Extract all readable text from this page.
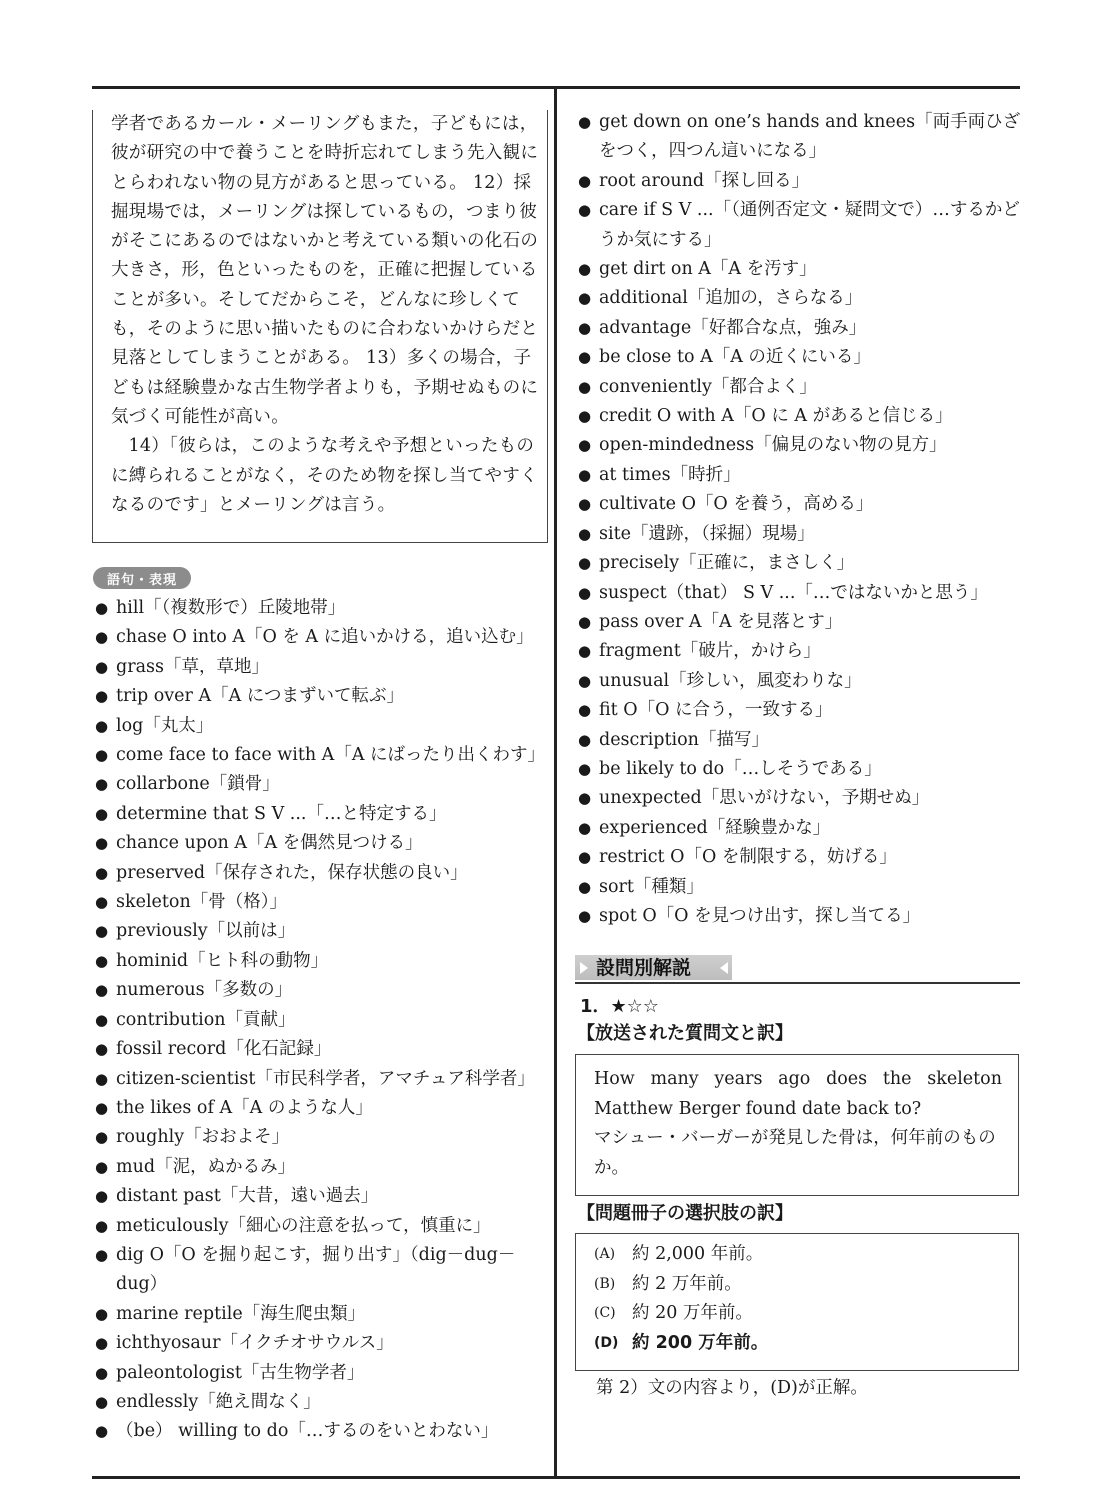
学者であるカール・メーリングもまた，子どもには，彼が研究の中で養うことを時折忘れてしまう先入観にとらわれない物の見方があると思っている。 12）採掘現場では，メーリングは探しているもの，つまり彼がそこにあるのではないかと考えている類いの化石の大きさ，形，色といったものを，正確に把握していることが多い。そしてだからこそ，どんなに珍しくても，そのように思い描いたものに合わないかけらだと見落としてしまうことがある。 13）多くの場合，子どもは経験豊かな古生物学者よりも，予期せぬものに気づく可能性が高い。

14）「彼らは，このような考えや予想といったものに縛られることがなく，そのため物を探し当てやすくなるのです」とメーリングは言う。

語句・表現
● hill「（複数形で）丘陵地帯」
● chase O into A「O を A に追いかける，追い込む」
● grass「草，草地」
● trip over A「A につまずいて転ぶ」
● log「丸太」
● come face to face with A「A にばったり出くわす」
● collarbone「鎖骨」
● determine that S V ...「…と特定する」
● chance upon A「A を偶然見つける」
● preserved「保存された，保存状態の良い」
● skeleton「骨（格）」
● previously「以前は」
● hominid「ヒト科の動物」
● numerous「多数の」
● contribution「貢献」
● fossil record「化石記録」
● citizen-scientist「市民科学者，アマチュア科学者」
● the likes of A「A のような人」
● roughly「おおよそ」
● mud「泥，ぬかるみ」
● distant past「大昔，遠い過去」
● meticulously「細心の注意を払って，慎重に」
● dig O「O を掘り起こす，掘り出す」（dig－dug－dug）
● marine reptile「海生爬虫類」
● ichthyosaur「イクチオサウルス」
● paleontologist「古生物学者」
● endlessly「絶え間なく」
● （be） willing to do「…するのをいとわない」
● get down on one’s hands and knees「両手両ひざをつく，四つん這いになる」
● root around「探し回る」
● care if S V ...「（通例否定文・疑問文で）…するかどうか気にする」
● get dirt on A「A を汚す」
● additional「追加の，さらなる」
● advantage「好都合な点，強み」
● be close to A「A の近くにいる」
● conveniently「都合よく」
● credit O with A「O に A があると信じる」
● open-mindedness「偏見のない物の見方」
● at times「時折」
● cultivate O「O を養う，高める」
● site「遺跡，（採掘）現場」
● precisely「正確に，まさしく」
● suspect（that） S V ...「…ではないかと思う」
● pass over A「A を見落とす」
● fragment「破片，かけら」
● unusual「珍しい，風変わりな」
● fit O「O に合う，一致する」
● description「描写」
● be likely to do「…しそうである」
● unexpected「思いがけない，予期せぬ」
● experienced「経験豊かな」
● restrict O「O を制限する，妨げる」
● sort「種類」
● spot O「O を見つけ出す，探し当てる」
設問別解説
1．★☆☆
【放送された質問文と訳】

How many years ago does the skeleton

Matthew Berger found date back to?

マシュー・バーガーが発見した骨は，何年前のものか。

【問題冊子の選択肢の訳】
(A) 約 2,000 年前。
(B) 約 2 万年前。
(C) 約 20 万年前。
(D) 約 200 万年前。
第 2）文の内容より，(D)が正解。
